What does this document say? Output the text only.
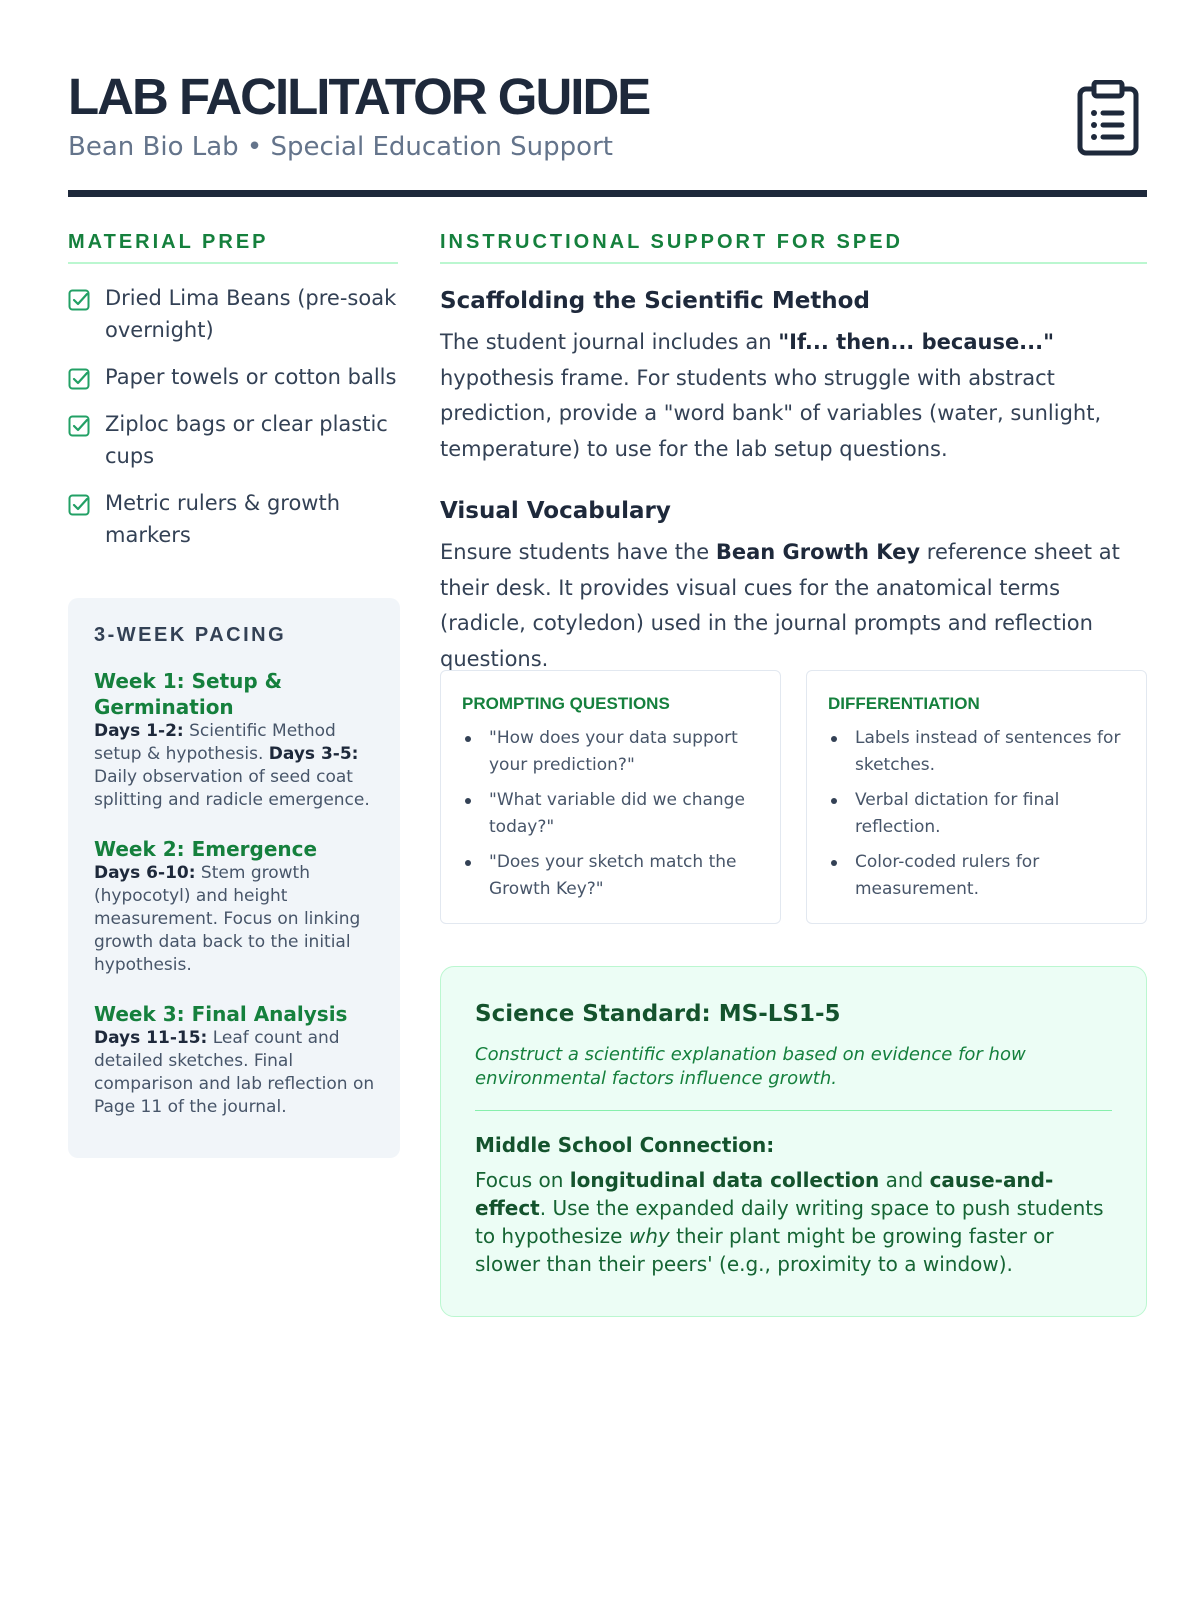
LAB FACILITATOR GUIDE
Bean Bio Lab • Special Education Support
MATERIAL PREP
Dried Lima Beans (pre-soak overnight)
Paper towels or cotton balls
Ziploc bags or clear plastic cups
Metric rulers & growth markers
3-WEEK PACING
Week 1: Setup & Germination
Days 1-2: Scientific Method setup & hypothesis. Days 3-5: Daily observation of seed coat splitting and radicle emergence.
Week 2: Emergence
Days 6-10: Stem growth (hypocotyl) and height measurement. Focus on linking growth data back to the initial hypothesis.
Week 3: Final Analysis
Days 11-15: Leaf count and detailed sketches. Final comparison and lab reflection on Page 11 of the journal.
INSTRUCTIONAL SUPPORT FOR SPED
Scaffolding the Scientific Method
The student journal includes an "If... then... because..." hypothesis frame. For students who struggle with abstract prediction, provide a "word bank" of variables (water, sunlight, temperature) to use for the lab setup questions.
Visual Vocabulary
Ensure students have the Bean Growth Key reference sheet at their desk. It provides visual cues for the anatomical terms (radicle, cotyledon) used in the journal prompts and reflection questions.
PROMPTING QUESTIONS
"How does your data support your prediction?"
"What variable did we change today?"
"Does your sketch match the Growth Key?"
DIFFERENTIATION
Labels instead of sentences for sketches.
Verbal dictation for final reflection.
Color-coded rulers for measurement.
Science Standard: MS-LS1-5
Construct a scientific explanation based on evidence for how environmental factors influence growth.
Middle School Connection:
Focus on longitudinal data collection and cause-and-effect. Use the expanded daily writing space to push students to hypothesize why their plant might be growing faster or slower than their peers' (e.g., proximity to a window).
